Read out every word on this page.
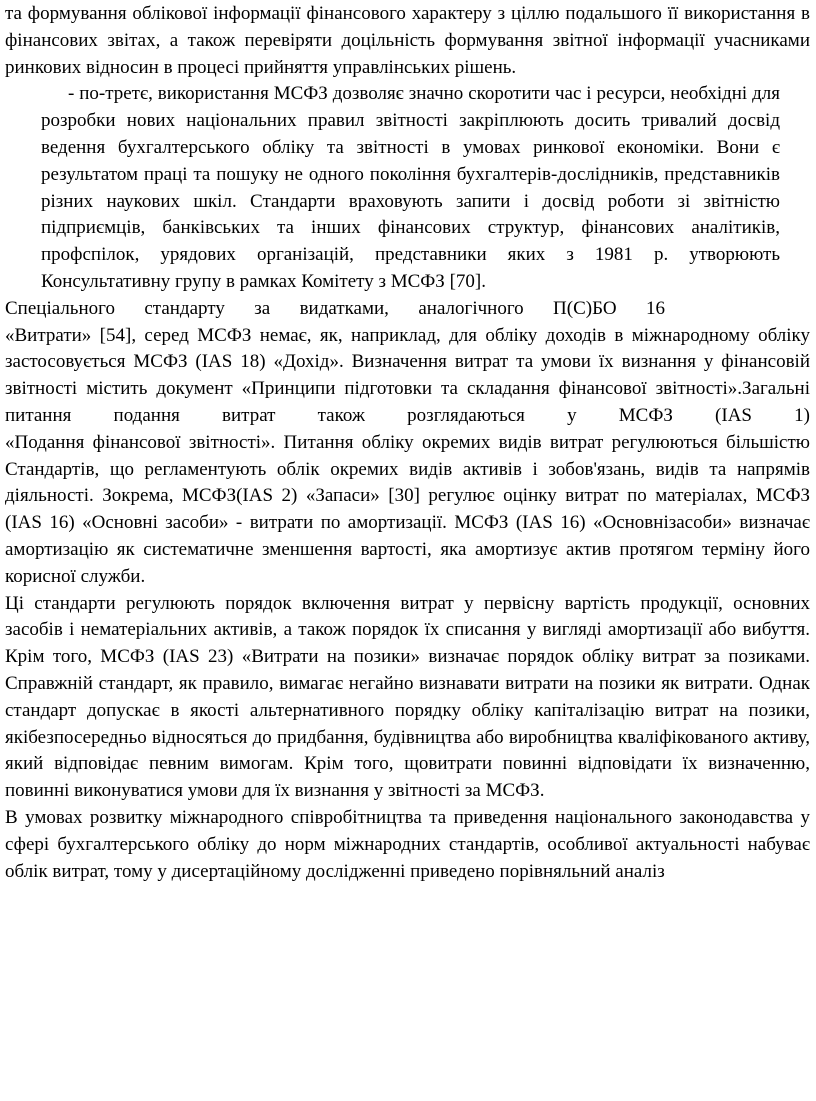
та формування облікової інформації фінансового характеру з ціллю подальшого її використання в фінансових звітах, а також перевіряти доцільність формування звітної інформації учасниками ринкових відносин в процесі прийняття управлінських рішень.

- по-третє, використання МСФЗ дозволяє значно скоротити час і ресурси, необхідні для розробки нових національних правил звітності закріплюють досить тривалий досвід ведення бухгалтерського обліку та звітності в умовах ринкової економіки. Вони є результатом праці та пошуку не одного покоління бухгалтерів-дослідників, представників різних наукових шкіл. Стандарти враховують запити і досвід роботи зі звітністю підприємців, банківських та інших фінансових структур, фінансових аналітиків, профспілок, урядових організацій, представники яких з 1981 р. утворюють Консультативну групу в рамках Комітету з МСФЗ [70].

Спеціального стандарту за видатками, аналогічного П(С)БО 16

«Витрати» [54], серед МСФЗ немає, як, наприклад, для обліку доходів в міжнародному обліку застосовується МСФЗ (IAS 18) «Дохід». Визначення витрат та умови їх визнання у фінансовій звітності містить документ «Принципи підготовки та складання фінансової звітності».Загальні питання подання витрат також розглядаються у МСФЗ (IAS 1)

«Подання фінансової звітності». Питання обліку окремих видів витрат регулюються більшістю Стандартів, що регламентують облік окремих видів активів і зобов'язань, видів та напрямів діяльності. Зокрема, МСФЗ(IAS 2) «Запаси» [30] регулює оцінку витрат по матеріалах, МСФЗ (IAS 16) «Основні засоби» - витрати по амортизації. МСФЗ (IAS 16) «Основнізасоби» визначає амортизацію як систематичне зменшення вартості, яка амортизує актив протягом терміну його корисної служби.

Ці стандарти регулюють порядок включення витрат у первісну вартість продукції, основних засобів і нематеріальних активів, а також порядок їх списання у вигляді амортизації або вибуття. Крім того, МСФЗ (IAS 23) «Витрати на позики» визначає порядок обліку витрат за позиками. Справжній стандарт, як правило, вимагає негайно визнавати витрати на позики як витрати. Однак стандарт допускає в якості альтернативного порядку обліку капіталізацію витрат на позики, якібезпосередньо відносяться до придбання, будівництва або виробництва кваліфікованого активу, який відповідає певним вимогам. Крім того, щовитрати повинні відповідати їх визначенню, повинні виконуватися умови для їх визнання у звітності за МСФЗ.

В умовах розвитку міжнародного співробітництва та приведення національного законодавства у сфері бухгалтерського обліку до норм міжнародних стандартів, особливої актуальності набуває облік витрат, тому у дисертаційному дослідженні приведено порівняльний аналіз
